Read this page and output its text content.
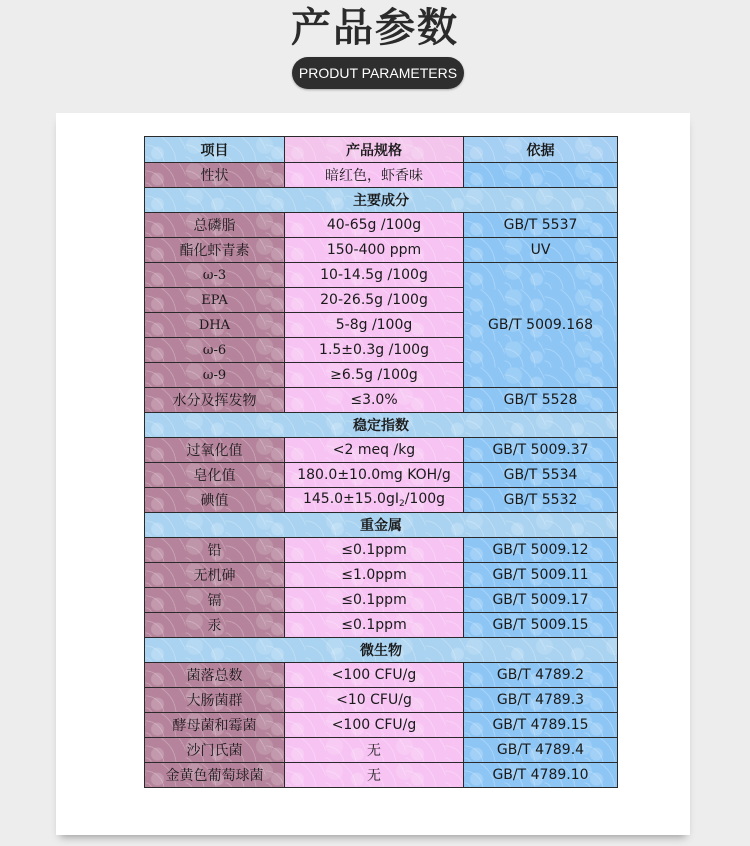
产品参数
PRODUT PARAMETERS
项目	产品规格	依据
性状	暗红色，虾香味	
主要成分		
总磷脂	40-65g /100g	GB/T 5537
酯化虾青素	150-400 ppm	UV
ω-3	10-14.5g /100g	GB/T 5009.168
EPA	20-26.5g /100g	
DHA	5-8g /100g	
ω-6	1.5±0.3g /100g	
ω-9	≥6.5g /100g	
水分及挥发物	≤3.0%	GB/T 5528
稳定指数		
过氧化值	<2 meq /kg	GB/T 5009.37
皂化值	180.0±10.0mg KOH/g	GB/T 5534
碘值	$145.0\pm 15.0gI_2/100g$	GB/T 5532
重金属		
铅	≤0.1ppm	GB/T 5009.12
无机砷	≤1.0ppm	GB/T 5009.11
镉	≤0.1ppm	GB/T 5009.17
汞	≤0.1ppm	GB/T 5009.15
微生物		
菌落总数	<100 CFU/g	GB/T 4789.2
大肠菌群	<10 CFU/g	GB/T 4789.3
酵母菌和霉菌	<100 CFU/g	GB/T 4789.15
沙门氏菌	无	GB/T 4789.4
金黄色葡萄球菌	无	GB/T 4789.10
